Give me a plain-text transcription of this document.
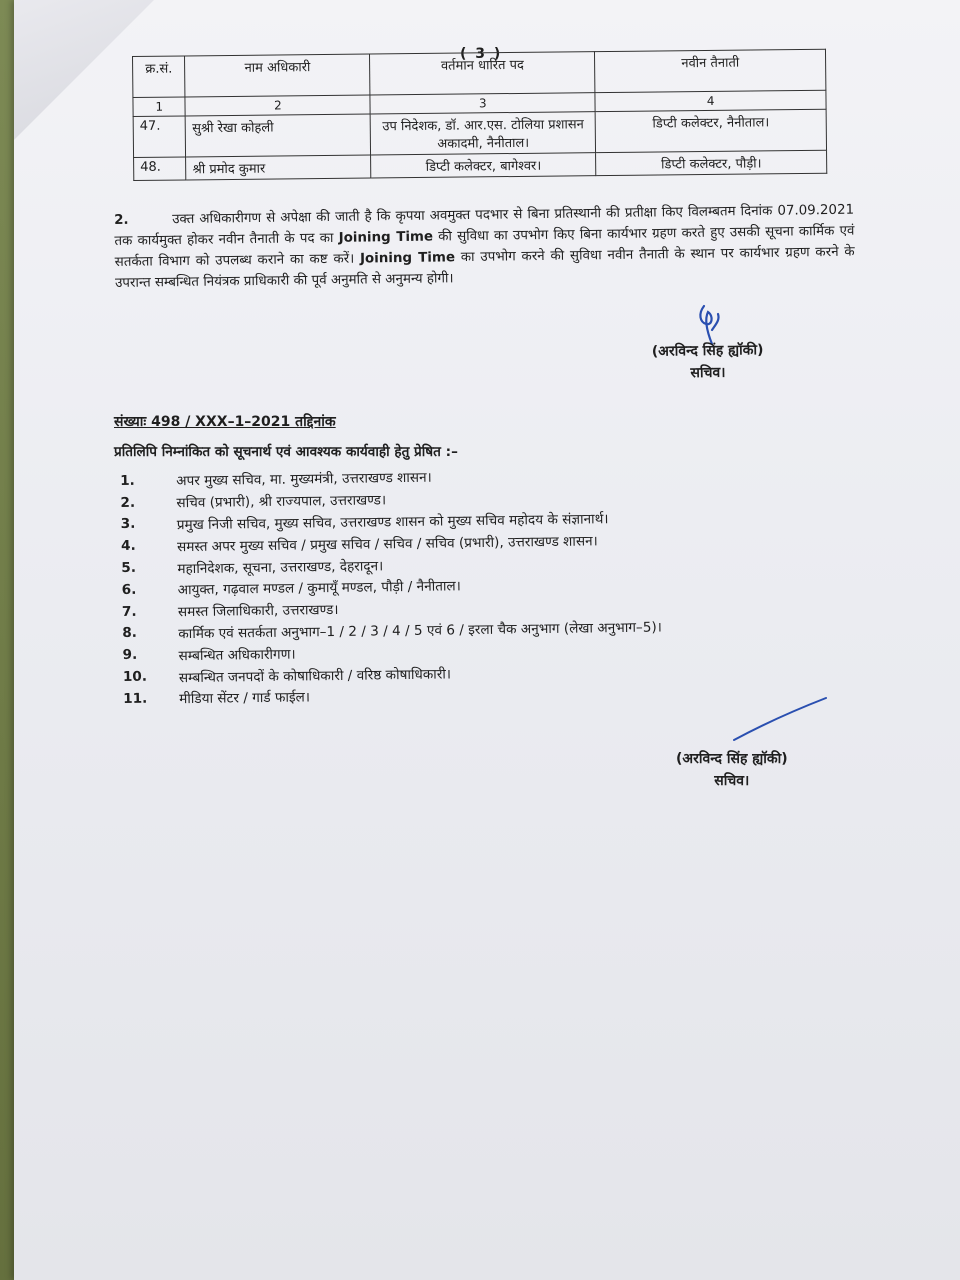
( 3 )
क्र.सं.	नाम अधिकारी	वर्तमान धारित पद	नवीन तैनाती
1	2	3	4
47.	सुश्री रेखा कोहली	उप निदेशक, डॉ. आर.एस. टोलिया प्रशासन अकादमी, नैनीताल।	डिप्टी कलेक्टर, नैनीताल।
48.	श्री प्रमोद कुमार	डिप्टी कलेक्टर, बागेश्वर।	डिप्टी कलेक्टर, पौड़ी।
2.	उक्त अधिकारीगण से अपेक्षा की जाती है कि कृपया अवमुक्त पदभार से बिना प्रतिस्थानी की प्रतीक्षा किए विलम्बतम दिनांक 07.09.2021 तक कार्यमुक्त होकर नवीन तैनाती के पद का Joining Time की सुविधा का उपभोग किए बिना कार्यभार ग्रहण करते हुए उसकी सूचना कार्मिक एवं सतर्कता विभाग को उपलब्ध कराने का कष्ट करें। Joining Time का उपभोग करने की सुविधा नवीन तैनाती के स्थान पर कार्यभार ग्रहण करने के उपरान्त सम्बन्धित नियंत्रक प्राधिकारी की पूर्व अनुमति से अनुमन्य होगी।
(अरविन्द सिंह ह्यॉकी)
सचिव।
संख्याः 498 / XXX–1–2021 तद्दिनांक
प्रतिलिपि निम्नांकित को सूचनार्थ एवं आवश्यक कार्यवाही हेतु प्रेषित :–
1.	अपर मुख्य सचिव, मा. मुख्यमंत्री, उत्तराखण्ड शासन।
2.	सचिव (प्रभारी), श्री राज्यपाल, उत्तराखण्ड।
3.	प्रमुख निजी सचिव, मुख्य सचिव, उत्तराखण्ड शासन को मुख्य सचिव महोदय के संज्ञानार्थ।
4.	समस्त अपर मुख्य सचिव / प्रमुख सचिव / सचिव / सचिव (प्रभारी), उत्तराखण्ड शासन।
5.	महानिदेशक, सूचना, उत्तराखण्ड, देहरादून।
6.	आयुक्त, गढ़वाल मण्डल / कुमायूँ मण्डल, पौड़ी / नैनीताल।
7.	समस्त जिलाधिकारी, उत्तराखण्ड।
8.	कार्मिक एवं सतर्कता अनुभाग–1 / 2 / 3 / 4 / 5 एवं 6 / इरला चैक अनुभाग (लेखा अनुभाग–5)।
9.	सम्बन्धित अधिकारीगण।
10.	सम्बन्धित जनपदों के कोषाधिकारी / वरिष्ठ कोषाधिकारी।
11.	मीडिया सेंटर / गार्ड फाईल।
(अरविन्द सिंह ह्यॉकी)
सचिव।
